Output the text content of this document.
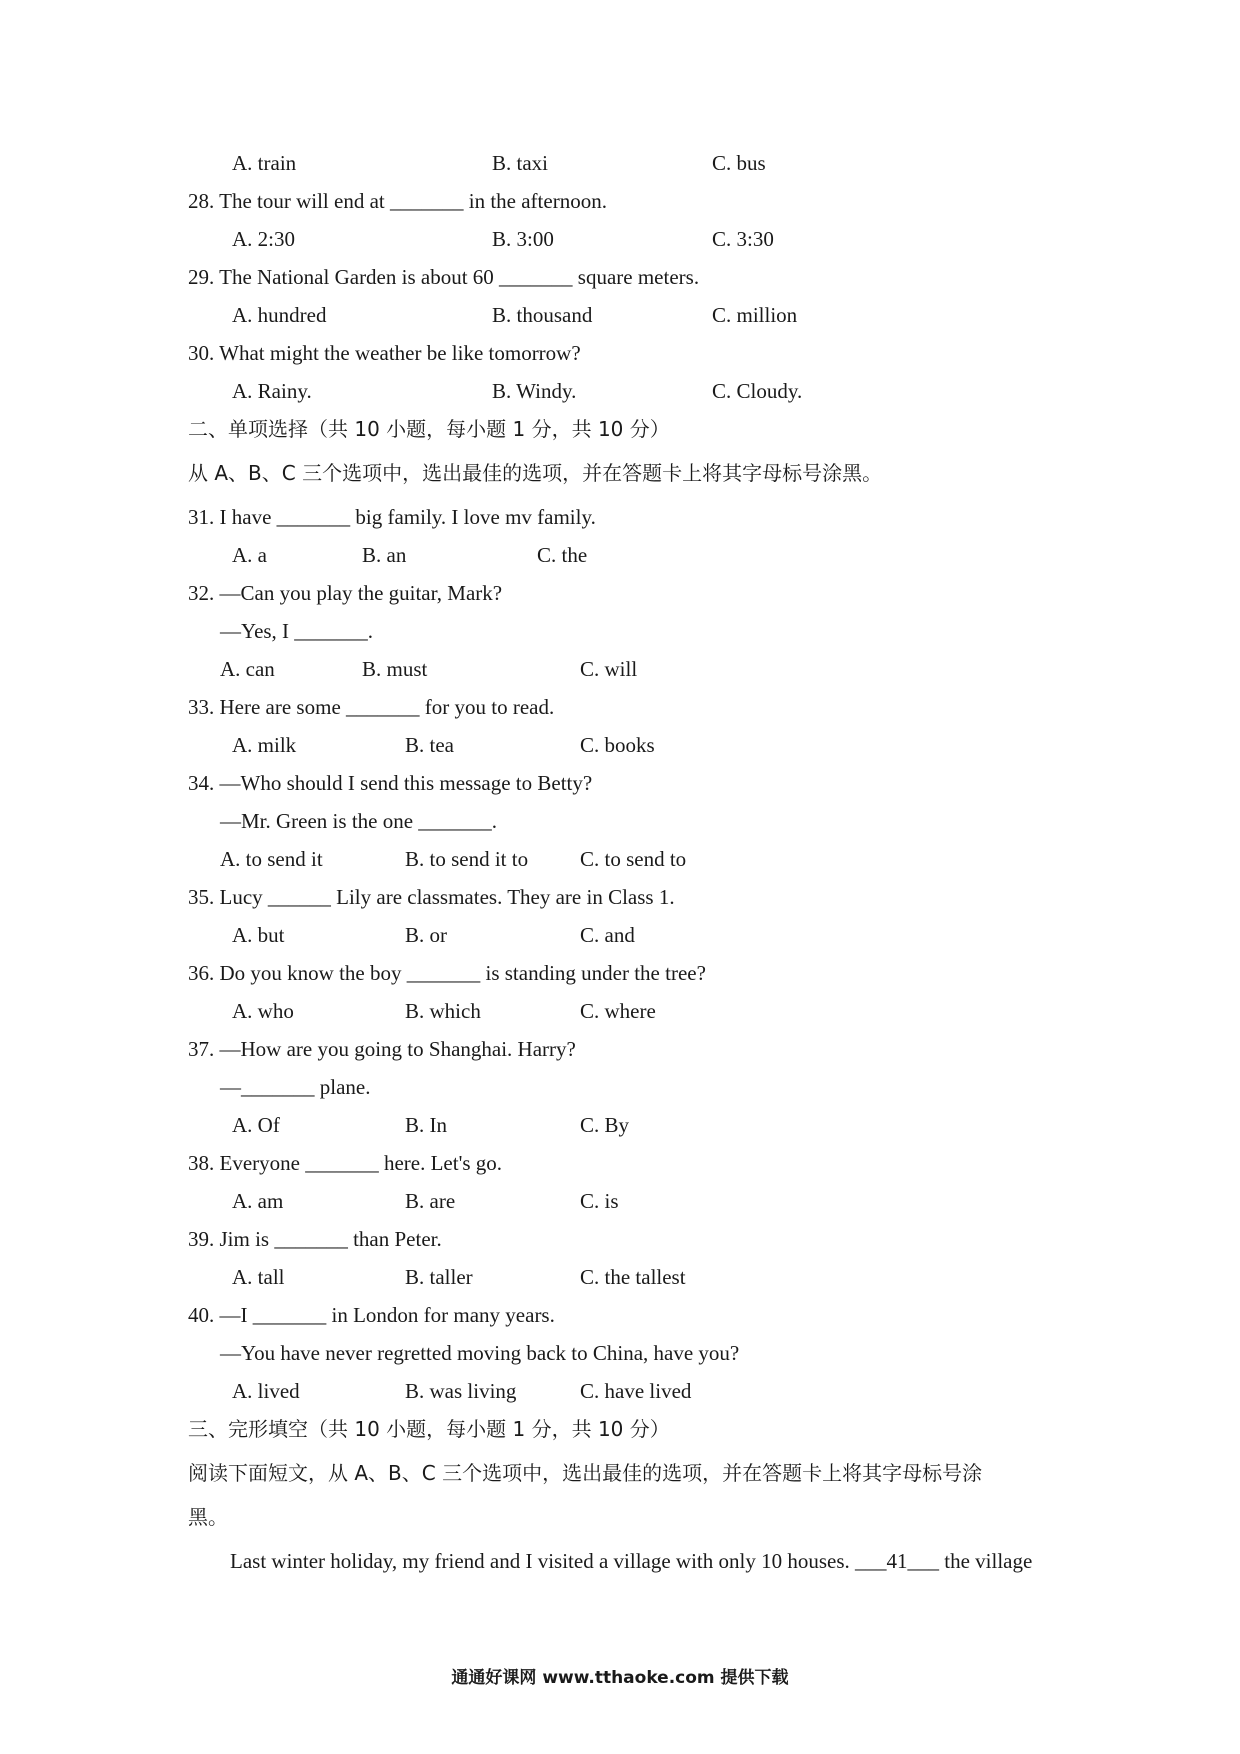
A. train	B. taxi	C. bus
28. The tour will end at _______ in the afternoon.
A. 2:30	B. 3:00	C. 3:30
29. The National Garden is about 60 _______ square meters.
A. hundred	B. thousand	C. million
30. What might the weather be like tomorrow?
A. Rainy.	B. Windy.	C. Cloudy.
二、单项选择（共 10 小题，每小题 1 分，共 10 分）
从 A、B、C 三个选项中，选出最佳的选项，并在答题卡上将其字母标号涂黑。
31. I have _______ big family. I love mv family.
A. a	B. an	C. the
32. —Can you play the guitar, Mark?
—Yes, I _______.
A. can	B. must	C. will
33. Here are some _______ for you to read.
A. milk	B. tea	C. books
34. —Who should I send this message to Betty?
—Mr. Green is the one _______.
A. to send it	B. to send it to C. to send to
35. Lucy ______ Lily are classmates. They are in Class 1.
A. but	B. or	C. and
36. Do you know the boy _______ is standing under the tree?
A. who	B. which	C. where
37. —How are you going to Shanghai. Harry?
—_______ plane.
A. Of	B. In	C. By
38. Everyone _______ here. Let's go.
A. am	B. are	C. is
39. Jim is _______ than Peter.
A. tall	B. taller	C. the tallest
40. —I _______ in London for many years.
—You have never regretted moving back to China, have you?
A. lived	B. was living	C. have lived
三、完形填空（共 10 小题，每小题 1 分，共 10 分）
阅读下面短文，从 A、B、C 三个选项中，选出最佳的选项，并在答题卡上将其字母标号涂
黑。
Last winter holiday, my friend and I visited a village with only 10 houses. ___41___ the village
通通好课网 www.tthaoke.com 提供下载
